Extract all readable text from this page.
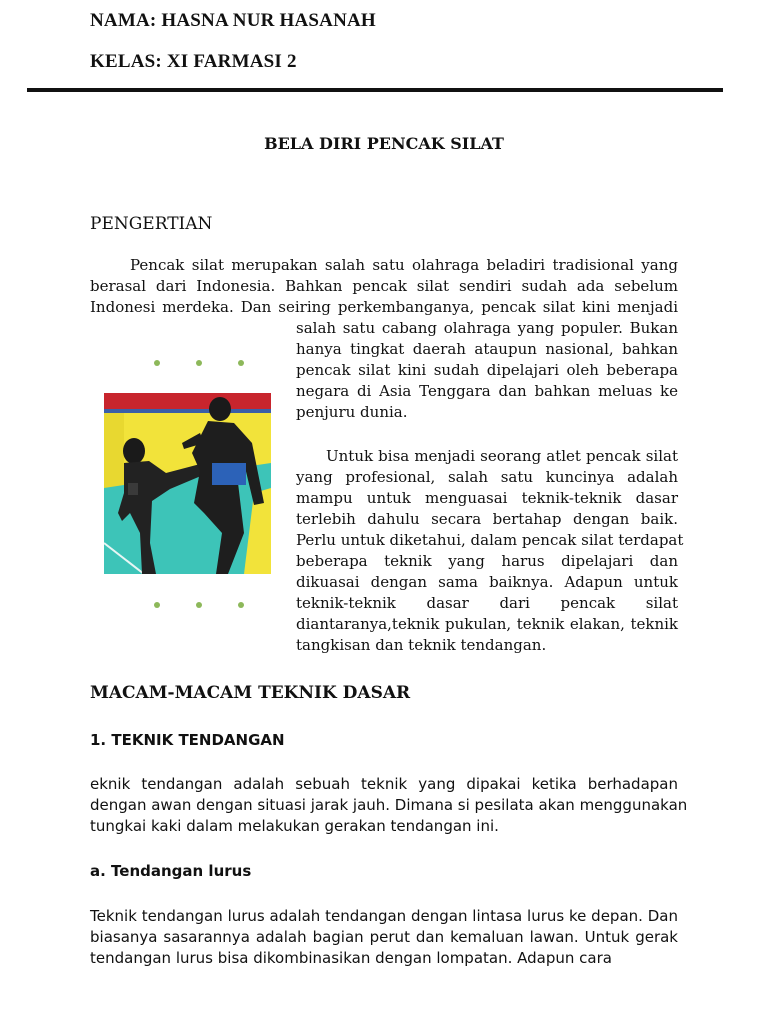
NAMA: HASNA NUR HASANAH
KELAS: XI FARMASI 2
BELA DIRI PENCAK SILAT
PENGERTIAN
Pencak silat merupakan salah satu olahraga beladiri tradisional yang
berasal dari Indonesia. Bahkan pencak silat sendiri sudah ada sebelum
Indonesi merdeka. Dan seiring perkembanganya, pencak silat kini menjadi
salah satu cabang olahraga yang populer. Bukan
hanya tingkat daerah ataupun nasional, bahkan
pencak silat kini sudah dipelajari oleh beberapa
negara di Asia Tenggara dan bahkan meluas ke
penjuru dunia.
Untuk bisa menjadi seorang atlet pencak silat
yang profesional, salah satu kuncinya adalah
mampu untuk menguasai teknik-teknik dasar
terlebih dahulu secara bertahap dengan baik.
Perlu untuk diketahui, dalam pencak silat terdapat
beberapa teknik yang harus dipelajari dan
dikuasai dengan sama baiknya. Adapun untuk
teknik-teknik dasar dari pencak silat
diantaranya,teknik pukulan, teknik elakan, teknik
tangkisan dan teknik tendangan.
MACAM-MACAM TEKNIK DASAR
1. TEKNIK TENDANGAN
eknik tendangan adalah sebuah teknik yang dipakai ketika berhadapan
dengan awan dengan situasi jarak jauh. Dimana si pesilata akan menggunakan
tungkai kaki dalam melakukan gerakan tendangan ini.
a. Tendangan lurus
Teknik tendangan lurus adalah tendangan dengan lintasa lurus ke depan. Dan
biasanya sasarannya adalah bagian perut dan kemaluan lawan. Untuk gerak
tendangan lurus bisa dikombinasikan dengan lompatan. Adapun cara
